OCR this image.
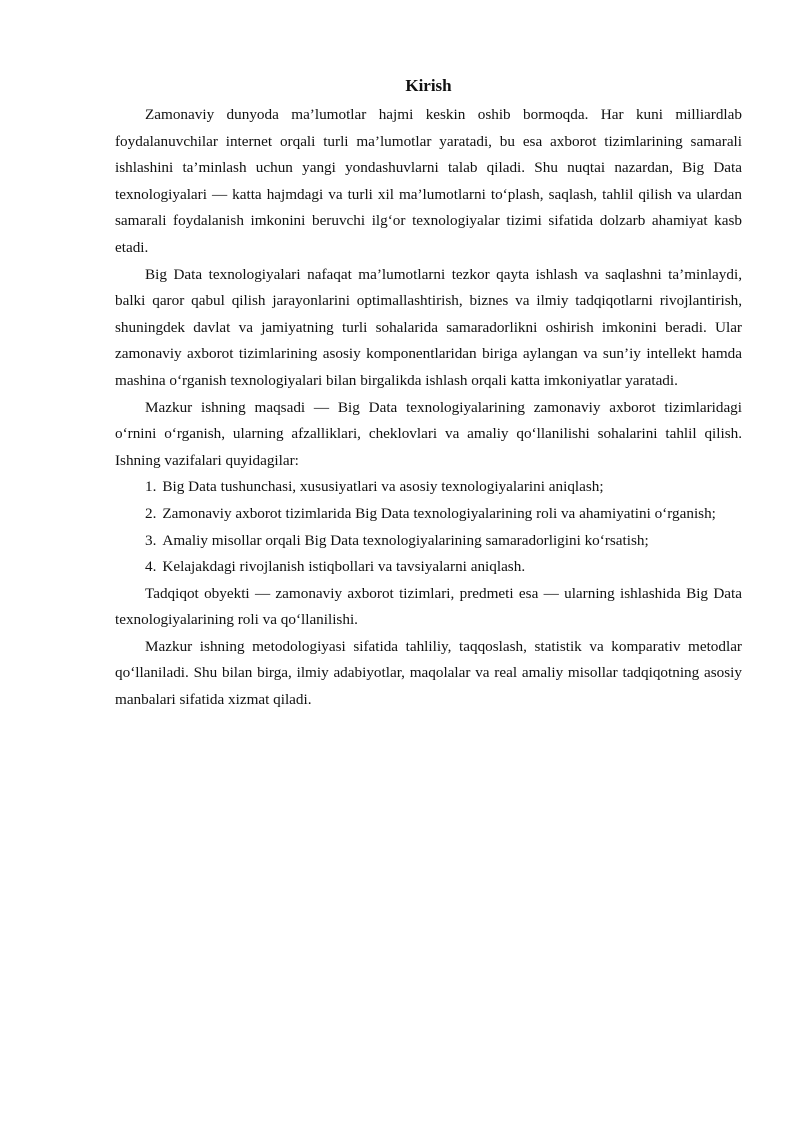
Kirish

Zamonaviy dunyoda ma’lumotlar hajmi keskin oshib bormoqda. Har kuni milliardlab foydalanuvchilar internet orqali turli ma’lumotlar yaratadi, bu esa axborot tizimlarining samarali ishlashini ta’minlash uchun yangi yondashuvlarni talab qiladi. Shu nuqtai nazardan, Big Data texnologiyalari — katta hajmdagi va turli xil ma’lumotlarni to‘plash, saqlash, tahlil qilish va ulardan samarali foydalanish imkonini beruvchi ilg‘or texnologiyalar tizimi sifatida dolzarb ahamiyat kasb etadi.

Big Data texnologiyalari nafaqat ma’lumotlarni tezkor qayta ishlash va saqlashni ta’minlaydi, balki qaror qabul qilish jarayonlarini optimallashtirish, biznes va ilmiy tadqiqotlarni rivojlantirish, shuningdek davlat va jamiyatning turli sohalarida samaradorlikni oshirish imkonini beradi. Ular zamonaviy axborot tizimlarining asosiy komponentlaridan biriga aylangan va sun’iy intellekt hamda mashina o‘rganish texnologiyalari bilan birgalikda ishlash orqali katta imkoniyatlar yaratadi.

Mazkur ishning maqsadi — Big Data texnologiyalarining zamonaviy axborot tizimlaridagi o‘rnini o‘rganish, ularning afzalliklari, cheklovlari va amaliy qo‘llanilishi sohalarini tahlil qilish. Ishning vazifalari quyidagilar:

1. Big Data tushunchasi, xususiyatlari va asosiy texnologiyalarini aniqlash;

2. Zamonaviy axborot tizimlarida Big Data texnologiyalarining roli va ahamiyatini o‘rganish;

3. Amaliy misollar orqali Big Data texnologiyalarining samaradorligini ko‘rsatish;

4. Kelajakdagi rivojlanish istiqbollari va tavsiyalarni aniqlash.

Tadqiqot obyekti — zamonaviy axborot tizimlari, predmeti esa — ularning ishlashida Big Data texnologiyalarining roli va qo‘llanilishi.

Mazkur ishning metodologiyasi sifatida tahliliy, taqqoslash, statistik va komparativ metodlar qo‘llaniladi. Shu bilan birga, ilmiy adabiyotlar, maqolalar va real amaliy misollar tadqiqotning asosiy manbalari sifatida xizmat qiladi.
